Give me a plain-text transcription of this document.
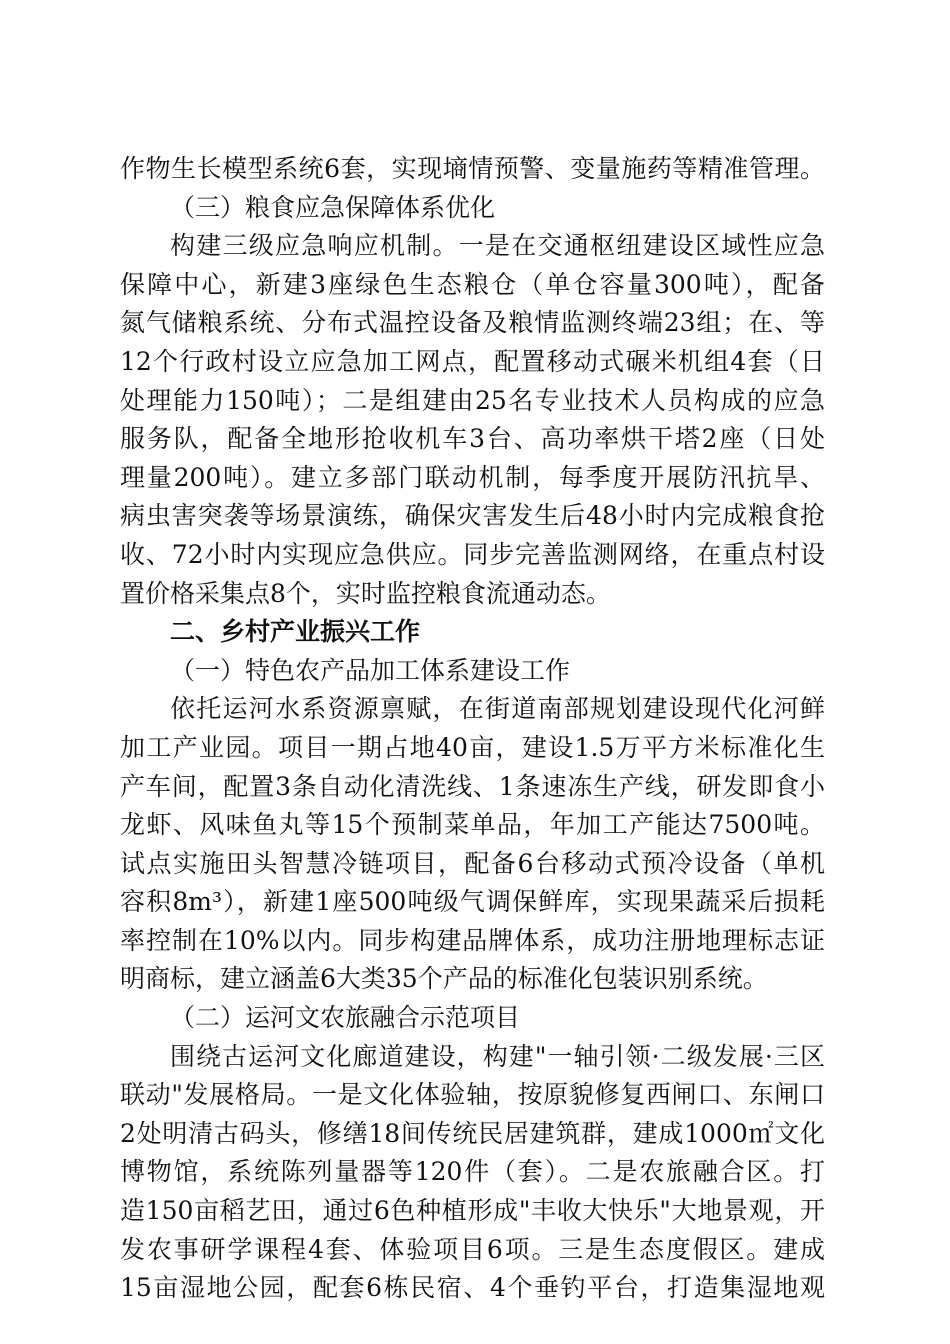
作物生长模型系统6套，实现墒情预警、变量施药等精准管理。
（三）粮食应急保障体系优化
构建三级应急响应机制。一是在交通枢纽建设区域性应急
保障中心，新建3座绿色生态粮仓（单仓容量300吨），配备
氮气储粮系统、分布式温控设备及粮情监测终端23组；在、等
12个行政村设立应急加工网点，配置移动式碾米机组4套（日
处理能力150吨）；二是组建由25名专业技术人员构成的应急
服务队，配备全地形抢收机车3台、高功率烘干塔2座（日处
理量200吨）。建立多部门联动机制，每季度开展防汛抗旱、
病虫害突袭等场景演练，确保灾害发生后48小时内完成粮食抢
收、72小时内实现应急供应。同步完善监测网络，在重点村设
置价格采集点8个，实时监控粮食流通动态。
二、乡村产业振兴工作
（一）特色农产品加工体系建设工作
依托运河水系资源禀赋，在街道南部规划建设现代化河鲜
加工产业园。项目一期占地40亩，建设1.5万平方米标准化生
产车间，配置3条自动化清洗线、1条速冻生产线，研发即食小
龙虾、风味鱼丸等15个预制菜单品，年加工产能达7500吨。
试点实施田头智慧冷链项目，配备6台移动式预冷设备（单机
容积8m³），新建1座500吨级气调保鲜库，实现果蔬采后损耗
率控制在10%以内。同步构建品牌体系，成功注册地理标志证
明商标，建立涵盖6大类35个产品的标准化包装识别系统。
（二）运河文农旅融合示范项目
围绕古运河文化廊道建设，构建"一轴引领·二级发展·三区
联动"发展格局。一是文化体验轴，按原貌修复西闸口、东闸口
2处明清古码头，修缮18间传统民居建筑群，建成1000㎡文化
博物馆，系统陈列量器等120件（套）。二是农旅融合区。打
造150亩稻艺田，通过6色种植形成"丰收大快乐"大地景观，开
发农事研学课程4套、体验项目6项。三是生态度假区。建成
15亩湿地公园，配套6栋民宿、4个垂钓平台，打造集湿地观
